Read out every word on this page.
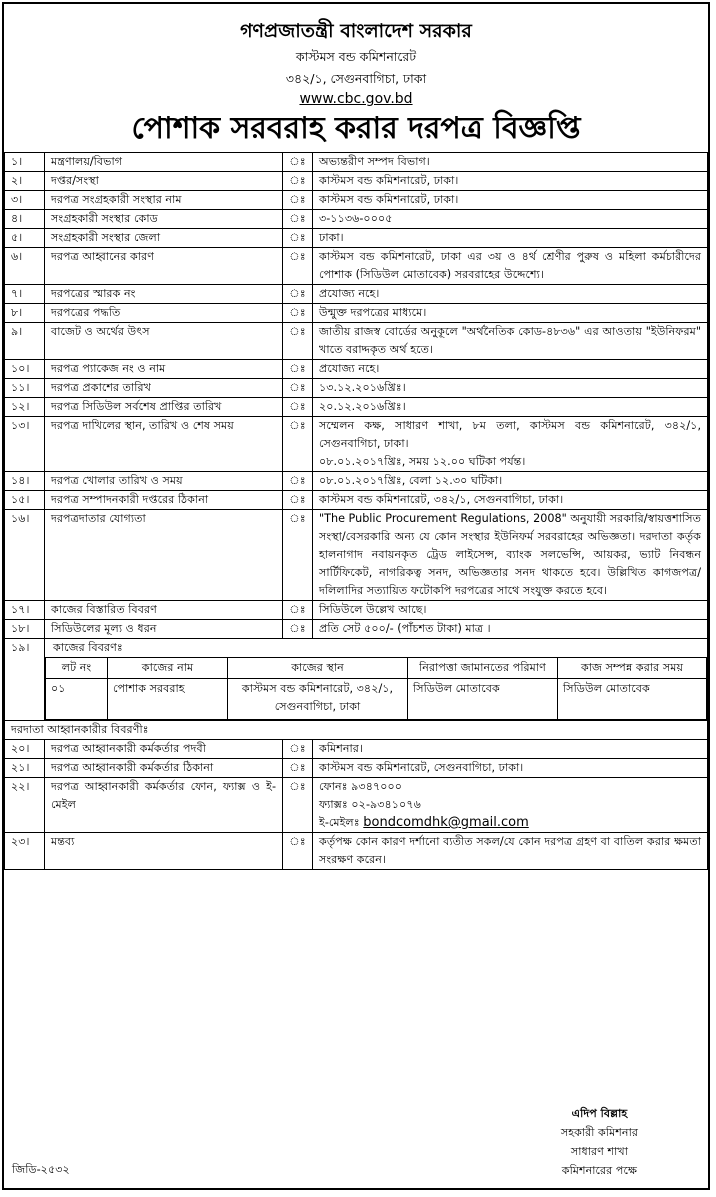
গণপ্রজাতন্ত্রী বাংলাদেশ সরকার
কাস্টমস বন্ড কমিশনারেট
৩৪২/১, সেগুনবাগিচা, ঢাকা
www.cbc.gov.bd
পোশাক সরবরাহ করার দরপত্র বিজ্ঞপ্তি
১।	মন্ত্রণালয়/বিভাগ	ঃ	অভ্যন্তরীণ সম্পদ বিভাগ।

২।	দপ্তর/সংস্থা	ঃ	কাস্টমস বন্ড কমিশনারেট, ঢাকা।

৩।	দরপত্র সংগ্রহকারী সংস্থার নাম	ঃ	কাস্টমস বন্ড কমিশনারেট, ঢাকা।

৪।	সংগ্রহকারী সংস্থার কোড	ঃ	৩-১১৩৬-০০০৫

৫।	সংগ্রহকারী সংস্থার জেলা	ঃ	ঢাকা।

৬।	দরপত্র আহ্বানের কারণ	ঃ	কাস্টমস বন্ড কমিশনারেট, ঢাকা এর ৩য় ও ৪র্থ শ্রেণীর পুরুষ ও মহিলা কর্মচারীদের পোশাক (সিডিউল মোতাবেক) সরবরাহের উদ্দেশ্যে।

৭।	দরপত্রের স্মারক নং	ঃ	প্রযোজ্য নহে।

৮।	দরপত্রের পদ্ধতি	ঃ	উন্মুক্ত দরপত্রের মাধ্যমে।

৯।	বাজেট ও অর্থের উৎস	ঃ	জাতীয় রাজস্ব বোর্ডের অনুকূলে "অর্থনৈতিক কোড-৪৮৩৬" এর আওতায় "ইউনিফরম" খাতে বরাদ্দকৃত অর্থ হতে।

১০।	দরপত্র প্যাকেজ নং ও নাম	ঃ	প্রযোজ্য নহে।

১১।	দরপত্র প্রকাশের তারিখ	ঃ	১৩.১২.২০১৬খ্রিঃ।

১২।	দরপত্র সিডিউল সর্বশেষ প্রাপ্তির তারিখ	ঃ	২০.১২.২০১৬খ্রিঃ।

১৩।	দরপত্র দাখিলের স্থান, তারিখ ও শেষ সময়	ঃ	সম্মেলন কক্ষ, সাধারণ শাখা, ৮ম তলা, কাস্টমস বন্ড কমিশনারেট, ৩৪২/১, সেগুনবাগিচা, ঢাকা।
০৮.০১.২০১৭খ্রিঃ, সময় ১২.০০ ঘটিকা পর্যন্ত।

১৪।	দরপত্র খোলার তারিখ ও সময়	ঃ	০৮.০১.২০১৭খ্রিঃ, বেলা ১২.৩০ ঘটিকা।

১৫।	দরপত্র সম্পাদনকারী দপ্তরের ঠিকানা	ঃ	কাস্টমস বন্ড কমিশনারেট, ৩৪২/১, সেগুনবাগিচা, ঢাকা।

১৬।	দরপত্রদাতার যোগ্যতা	ঃ	"The Public Procurement Regulations, 2008" অনুযায়ী সরকারি/স্বায়ত্তশাসিত সংস্থা/বেসরকারি অন্য যে কোন সংস্থার ইউনিফর্ম সরবরাহের অভিজ্ঞতা। দরদাতা কর্তৃক হালনাগাদ নবায়নকৃত ট্রেড লাইসেন্স, ব্যাংক সলভেন্সি, আয়কর, ভ্যাট নিবন্ধন সার্টিফিকেট, নাগরিকত্ব সনদ, অভিজ্ঞতার সনদ থাকতে হবে। উল্লিখিত কাগজপত্র/দলিলাদির সত্যায়িত ফটোকপি দরপত্রের সাথে সংযুক্ত করতে হবে।

১৭।	কাজের বিস্তারিত বিবরণ	ঃ	সিডিউলে উল্লেখ আছে।

১৮।	সিডিউলের মূল্য ও ধরন	ঃ	প্রতি সেট ৫০০/- (পাঁচশত টাকা) মাত্র ।

১৯।	কাজের বিবরণঃ
লট নং	কাজের নাম	কাজের স্থান	নিরাপত্তা জামানতের পরিমাণ	কাজ সম্পন্ন করার সময়
০১	পোশাক সরবরাহ	কাস্টমস বন্ড কমিশনারেট, ৩৪২/১, সেগুনবাগিচা, ঢাকা	সিডিউল মোতাবেক	সিডিউল মোতাবেক

দরদাতা আহ্বানকারীর বিবরণীঃ
২০।	দরপত্র আহ্বানকারী কর্মকর্তার পদবী	ঃ	কমিশনার।

২১।	দরপত্র আহ্বানকারী কর্মকর্তার ঠিকানা	ঃ	কাস্টমস বন্ড কমিশনারেট, সেগুনবাগিচা, ঢাকা।

২২।	দরপত্র আহ্বানকারী কর্মকর্তার ফোন, ফ্যাক্স ও ই-মেইল	ঃ	ফোনঃ ৯৩৪৭০০০
ফ্যাক্সঃ ০২-৯৩৪১০৭৬
ই-মেইলঃ bondcomdhk@gmail.com

২৩।	মন্তব্য	ঃ	কর্তৃপক্ষ কোন কারণ দর্শানো ব্যতীত সকল/যে কোন দরপত্র গ্রহণ বা বাতিল করার ক্ষমতা সংরক্ষণ করেন।
জিডি-২৫৩২
এদিপ বিল্লাহ
সহকারী কমিশনার
সাধারণ শাখা
কমিশনারের পক্ষে
